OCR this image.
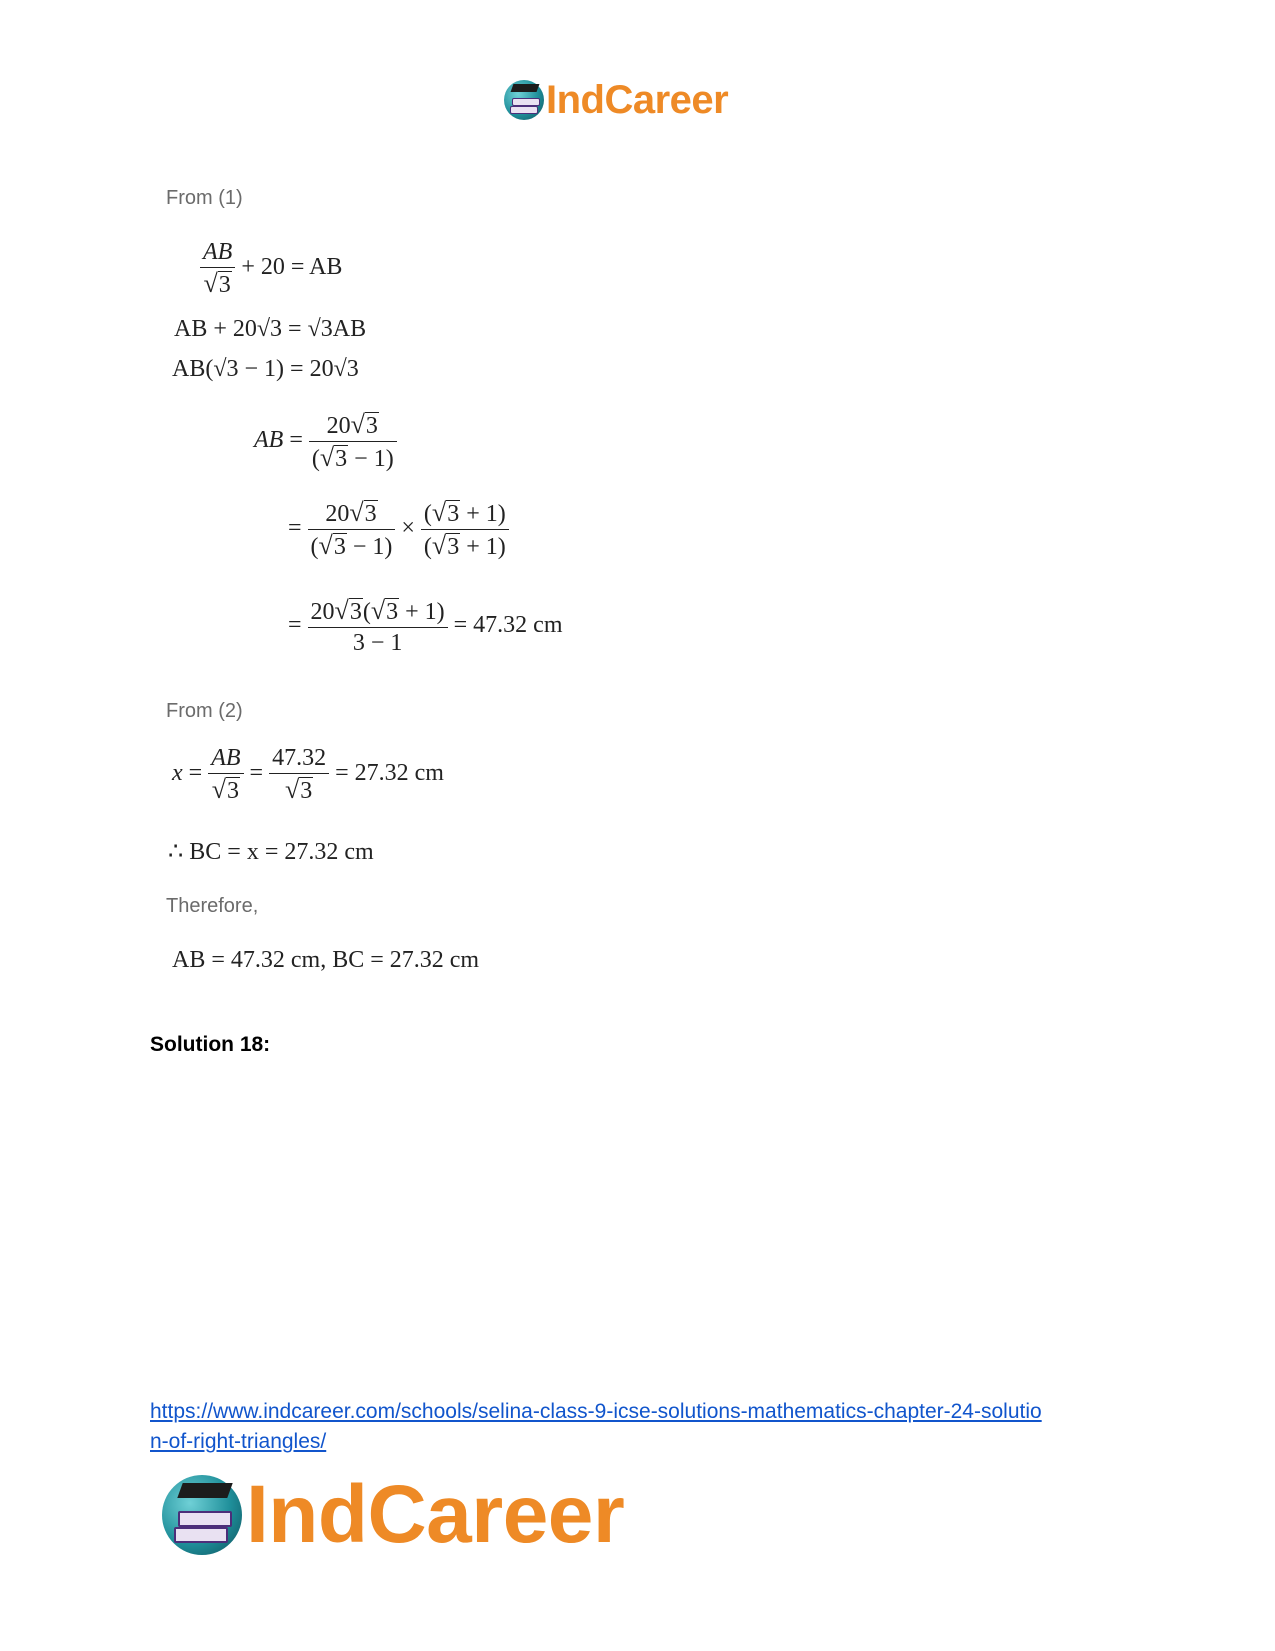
IndCareer
From (1)
$\frac{AB}{√3} + 20$ = AB
AB + 20√3 = √3AB
AB(√3 − 1) = 20√3
AB = $\frac{20√3}{(√3 - 1)}$
= $\frac{20√3}{(√3 - 1)} \times \frac{(√3 + 1)}{(√3 + 1)}$
= $\frac{20√3(√3 + 1)}{3 - 1} = 47.32$ cm
From (2)
$x = \frac{AB}{√3} = \frac{47.32}{√3} = 27.32$ cm
∴ BC = x = 27.32 cm
Therefore,
AB = 47.32 cm, BC = 27.32 cm
Solution 18:
https://www.indcareer.com/schools/selina-class-9-icse-solutions-mathematics-chapter-24-solutio
n-of-right-triangles/
IndCareer
